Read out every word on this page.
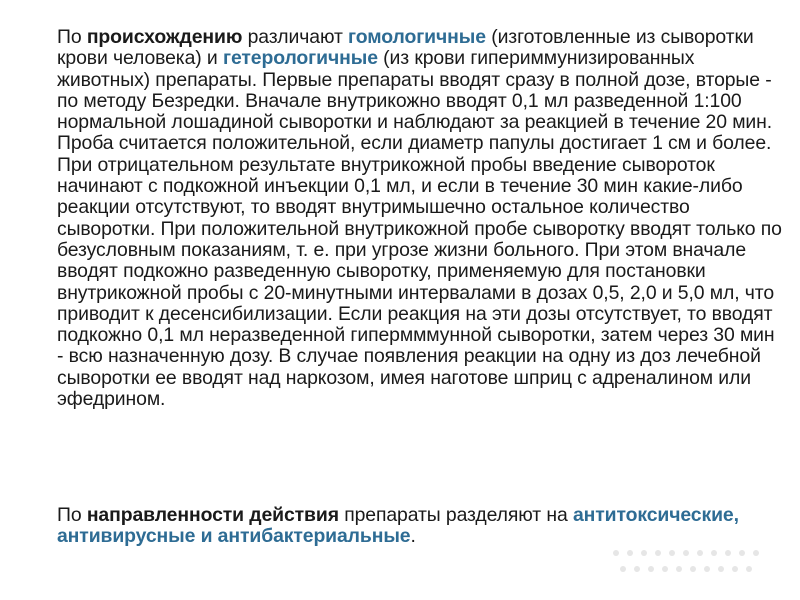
По происхождению различают гомологичные (изготовленные из сыворотки крови человека) и гетерологичные (из крови гипериммунизированных животных) препараты. Первые препараты вводят сразу в полной дозе, вторые - по методу Безредки. Вначале внутрикожно вводят 0,1 мл разведенной 1:100 нормальной лошадиной сыворотки и наблюдают за реакцией в течение 20 мин. Проба считается положительной, если диаметр папулы достигает 1 см и более. При отрицательном результате внутрикожной пробы введение сывороток начинают с подкожной инъекции 0,1 мл, и если в течение 30 мин какие-либо реакции отсутствуют, то вводят внутримышечно остальное количество сыворотки. При положительной внутрикожной пробе сыворотку вводят только по безусловным показаниям, т. е. при угрозе жизни больного. При этом вначале вводят подкожно разведенную сыворотку, применяемую для постановки внутрикожной пробы с 20-минутными интервалами в дозах 0,5, 2,0 и 5,0 мл, что приводит к десенсибилизации. Если реакция на эти дозы отсутствует, то вводят подкожно 0,1 мл неразведенной гипермммунной сыворотки, затем через 30 мин - всю назначенную дозу. В случае появления реакции на одну из доз лечебной сыворотки ее вводят над наркозом, имея наготове шприц с адреналином или эфедрином.

По направленности действия препараты разделяют на антитоксические, антивирусные и антибактериальные.
